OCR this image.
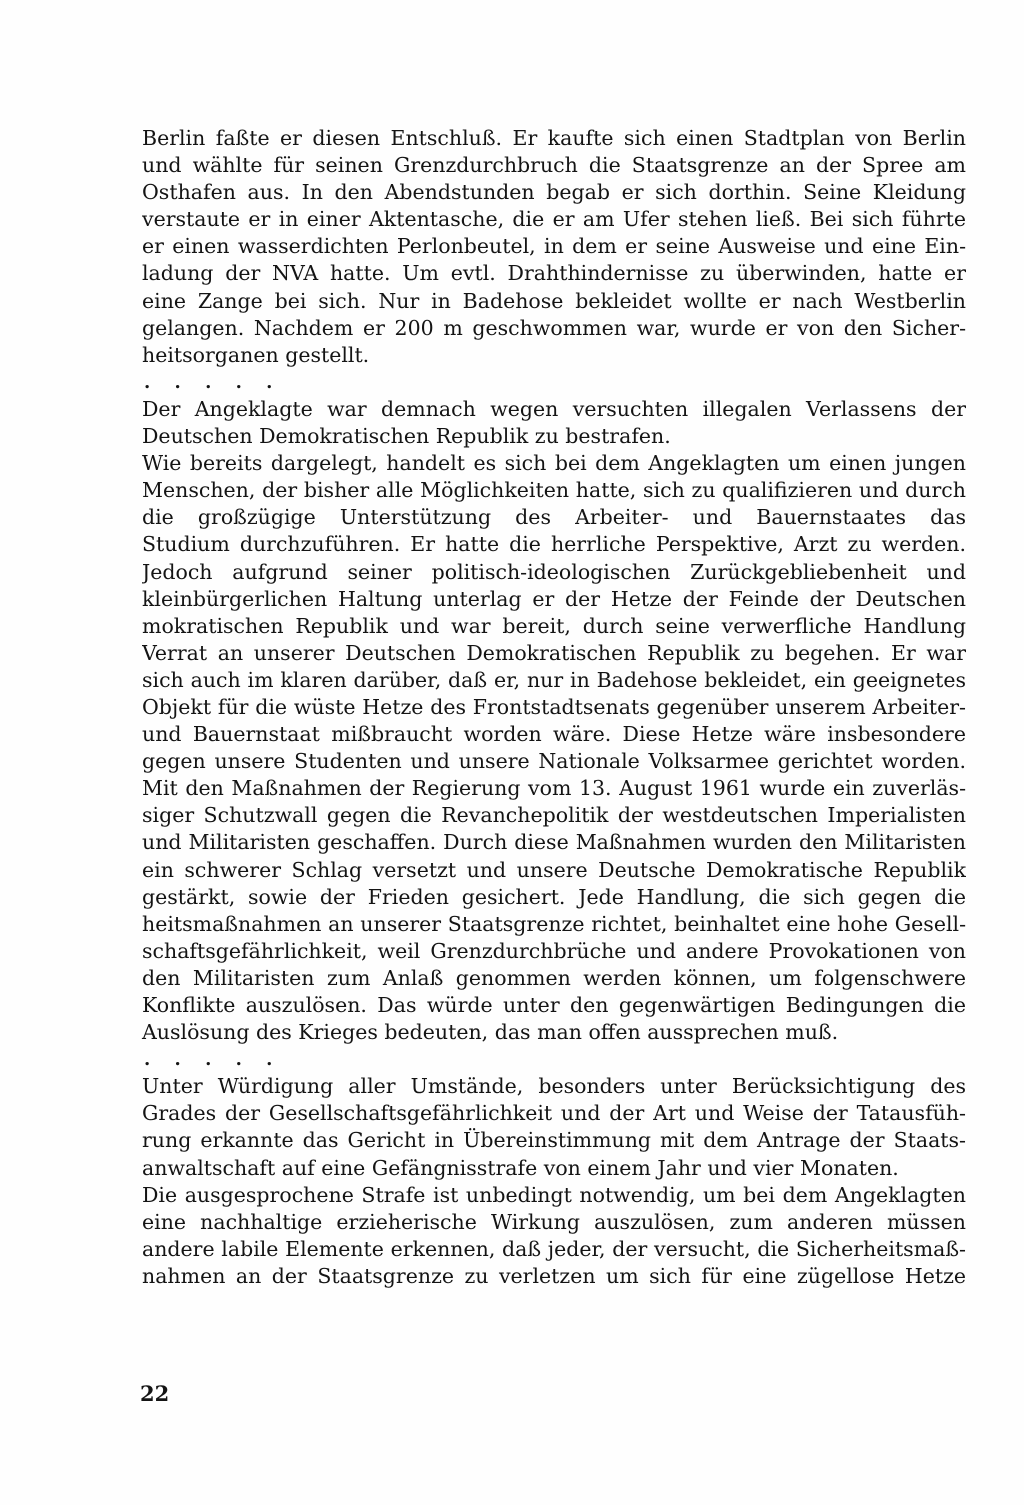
Berlin faßte er diesen Entschluß. Er kaufte sich einen Stadtplan von Berlin
und wählte für seinen Grenzdurchbruch die Staatsgrenze an der Spree am
Osthafen aus. In den Abendstunden begab er sich dorthin. Seine Kleidung
verstaute er in einer Aktentasche, die er am Ufer stehen ließ. Bei sich führte
er einen wasserdichten Perlonbeutel, in dem er seine Ausweise und eine Ein-
ladung der NVA hatte. Um evtl. Drahthindernisse zu überwinden, hatte er
eine Zange bei sich. Nur in Badehose bekleidet wollte er nach Westberlin
gelangen. Nachdem er 200 m geschwommen war, wurde er von den Sicher-
heitsorganen gestellt.
. . . . .
Der Angeklagte war demnach wegen versuchten illegalen Verlassens der
Deutschen Demokratischen Republik zu bestrafen.
Wie bereits dargelegt, handelt es sich bei dem Angeklagten um einen jungen
Menschen, der bisher alle Möglichkeiten hatte, sich zu qualifizieren und durch
die großzügige Unterstützung des Arbeiter- und Bauernstaates das
Studium durchzuführen. Er hatte die herrliche Perspektive, Arzt zu werden.
Jedoch aufgrund seiner politisch-ideologischen Zurückgebliebenheit und
kleinbürgerlichen Haltung unterlag er der Hetze der Feinde der Deutschen
mokratischen Republik und war bereit, durch seine verwerfliche Handlung
Verrat an unserer Deutschen Demokratischen Republik zu begehen. Er war
sich auch im klaren darüber, daß er, nur in Badehose bekleidet, ein geeignetes
Objekt für die wüste Hetze des Frontstadtsenats gegenüber unserem Arbeiter-
und Bauernstaat mißbraucht worden wäre. Diese Hetze wäre insbesondere
gegen unsere Studenten und unsere Nationale Volksarmee gerichtet worden.
Mit den Maßnahmen der Regierung vom 13. August 1961 wurde ein zuverläs-
siger Schutzwall gegen die Revanchepolitik der westdeutschen Imperialisten
und Militaristen geschaffen. Durch diese Maßnahmen wurden den Militaristen
ein schwerer Schlag versetzt und unsere Deutsche Demokratische Republik
gestärkt, sowie der Frieden gesichert. Jede Handlung, die sich gegen die
heitsmaßnahmen an unserer Staatsgrenze richtet, beinhaltet eine hohe Gesell-
schaftsgefährlichkeit, weil Grenzdurchbrüche und andere Provokationen von
den Militaristen zum Anlaß genommen werden können, um folgenschwere
Konflikte auszulösen. Das würde unter den gegenwärtigen Bedingungen die
Auslösung des Krieges bedeuten, das man offen aussprechen muß.
. . . . .
Unter Würdigung aller Umstände, besonders unter Berücksichtigung des
Grades der Gesellschaftsgefährlichkeit und der Art und Weise der Tatausfüh-
rung erkannte das Gericht in Übereinstimmung mit dem Antrage der Staats-
anwaltschaft auf eine Gefängnisstrafe von einem Jahr und vier Monaten.
Die ausgesprochene Strafe ist unbedingt notwendig, um bei dem Angeklagten
eine nachhaltige erzieherische Wirkung auszulösen, zum anderen müssen
andere labile Elemente erkennen, daß jeder, der versucht, die Sicherheitsmaß-
nahmen an der Staatsgrenze zu verletzen um sich für eine zügellose Hetze
22
